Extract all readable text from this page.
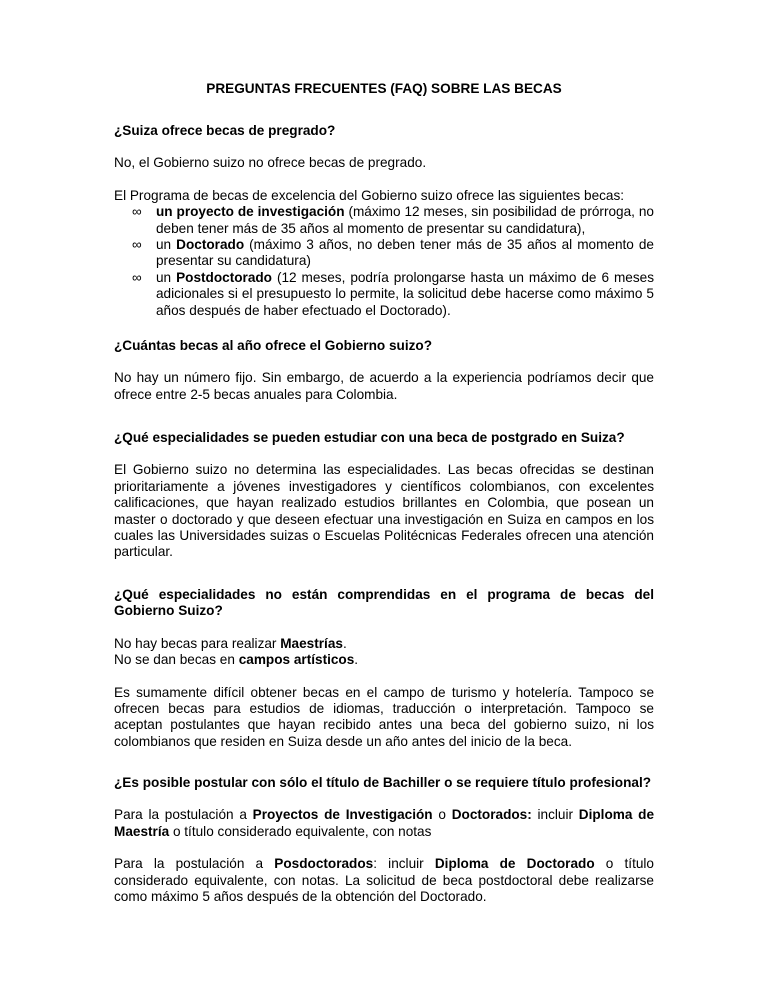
PREGUNTAS FRECUENTES (FAQ) SOBRE LAS BECAS

¿Suiza ofrece becas de pregrado?

No, el Gobierno suizo no ofrece becas de pregrado.

El Programa de becas de excelencia del Gobierno suizo ofrece las siguientes becas:

∞	un proyecto de investigación (máximo 12 meses, sin posibilidad de prórroga, no deben tener más de 35 años al momento de presentar su candidatura),
∞	un Doctorado (máximo 3 años, no deben tener más de 35 años al momento de presentar su candidatura)
∞	un Postdoctorado (12 meses, podría prolongarse hasta un máximo de 6 meses adicionales si el presupuesto lo permite, la solicitud debe hacerse como máximo 5 años después de haber efectuado el Doctorado).

¿Cuántas becas al año ofrece el Gobierno suizo?

No hay un número fijo. Sin embargo, de acuerdo a la experiencia podríamos decir que ofrece entre 2-5 becas anuales para Colombia.

¿Qué especialidades se pueden estudiar con una beca de postgrado en Suiza?

El Gobierno suizo no determina las especialidades. Las becas ofrecidas se destinan prioritariamente a jóvenes investigadores y científicos colombianos, con excelentes calificaciones, que hayan realizado estudios brillantes en Colombia, que posean un master o doctorado y que deseen efectuar una investigación en Suiza en campos en los cuales las Universidades suizas o Escuelas Politécnicas Federales ofrecen una atención particular.

¿Qué especialidades no están comprendidas en el programa de becas del Gobierno Suizo?

No hay becas para realizar Maestrías.

No se dan becas en campos artísticos.

Es sumamente difícil obtener becas en el campo de turismo y hotelería. Tampoco se ofrecen becas para estudios de idiomas, traducción o interpretación. Tampoco se aceptan postulantes que hayan recibido antes una beca del gobierno suizo, ni los colombianos que residen en Suiza desde un año antes del inicio de la beca.

¿Es posible postular con sólo el título de Bachiller o se requiere título profesional?

Para la postulación a Proyectos de Investigación o Doctorados: incluir Diploma de Maestría o título considerado equivalente, con notas

Para la postulación a Posdoctorados: incluir Diploma de Doctorado o título considerado equivalente, con notas. La solicitud de beca postdoctoral debe realizarse como máximo 5 años después de la obtención del Doctorado.
